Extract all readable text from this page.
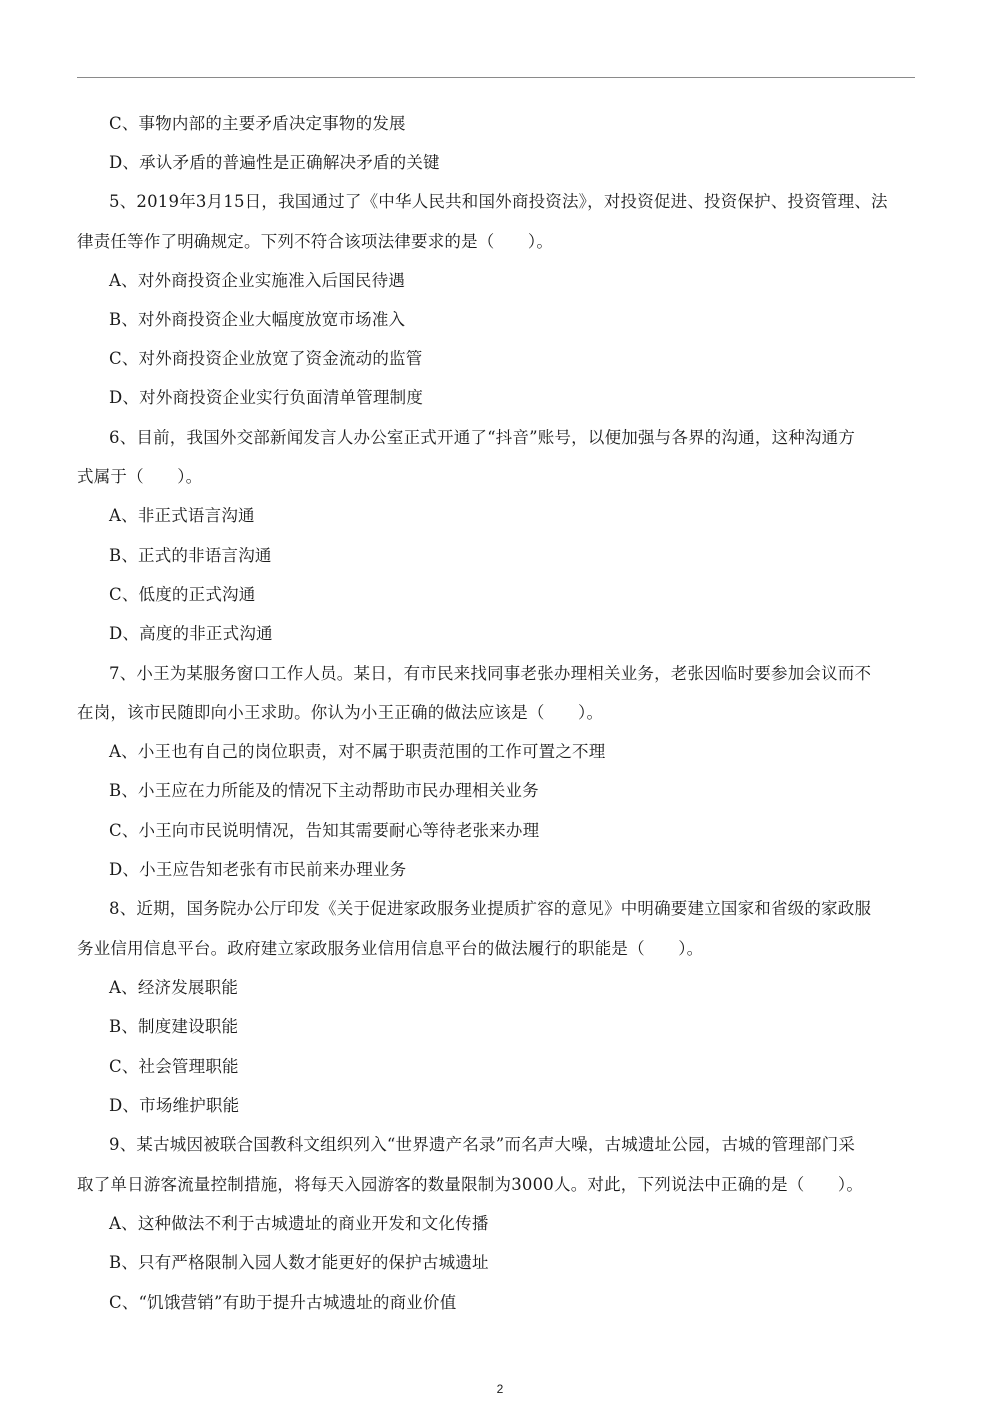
C、事物内部的主要矛盾决定事物的发展
D、承认矛盾的普遍性是正确解决矛盾的关键
5、2019年3月15日，我国通过了《中华人民共和国外商投资法》，对投资促进、投资保护、投资管理、法
律责任等作了明确规定。下列不符合该项法律要求的是（　　）。
A、对外商投资企业实施准入后国民待遇
B、对外商投资企业大幅度放宽市场准入
C、对外商投资企业放宽了资金流动的监管
D、对外商投资企业实行负面清单管理制度
6、目前，我国外交部新闻发言人办公室正式开通了“抖音”账号，以便加强与各界的沟通，这种沟通方
式属于（　　）。
A、非正式语言沟通
B、正式的非语言沟通
C、低度的正式沟通
D、高度的非正式沟通
7、小王为某服务窗口工作人员。某日，有市民来找同事老张办理相关业务，老张因临时要参加会议而不
在岗，该市民随即向小王求助。你认为小王正确的做法应该是（　　）。
A、小王也有自己的岗位职责，对不属于职责范围的工作可置之不理
B、小王应在力所能及的情况下主动帮助市民办理相关业务
C、小王向市民说明情况，告知其需要耐心等待老张来办理
D、小王应告知老张有市民前来办理业务
8、近期，国务院办公厅印发《关于促进家政服务业提质扩容的意见》中明确要建立国家和省级的家政服
务业信用信息平台。政府建立家政服务业信用信息平台的做法履行的职能是（　　）。
A、经济发展职能
B、制度建设职能
C、社会管理职能
D、市场维护职能
9、某古城因被联合国教科文组织列入“世界遗产名录”而名声大噪，古城遗址公园，古城的管理部门采
取了单日游客流量控制措施，将每天入园游客的数量限制为3000人。对此，下列说法中正确的是（　　）。
A、这种做法不利于古城遗址的商业开发和文化传播
B、只有严格限制入园人数才能更好的保护古城遗址
C、“饥饿营销”有助于提升古城遗址的商业价值
2
